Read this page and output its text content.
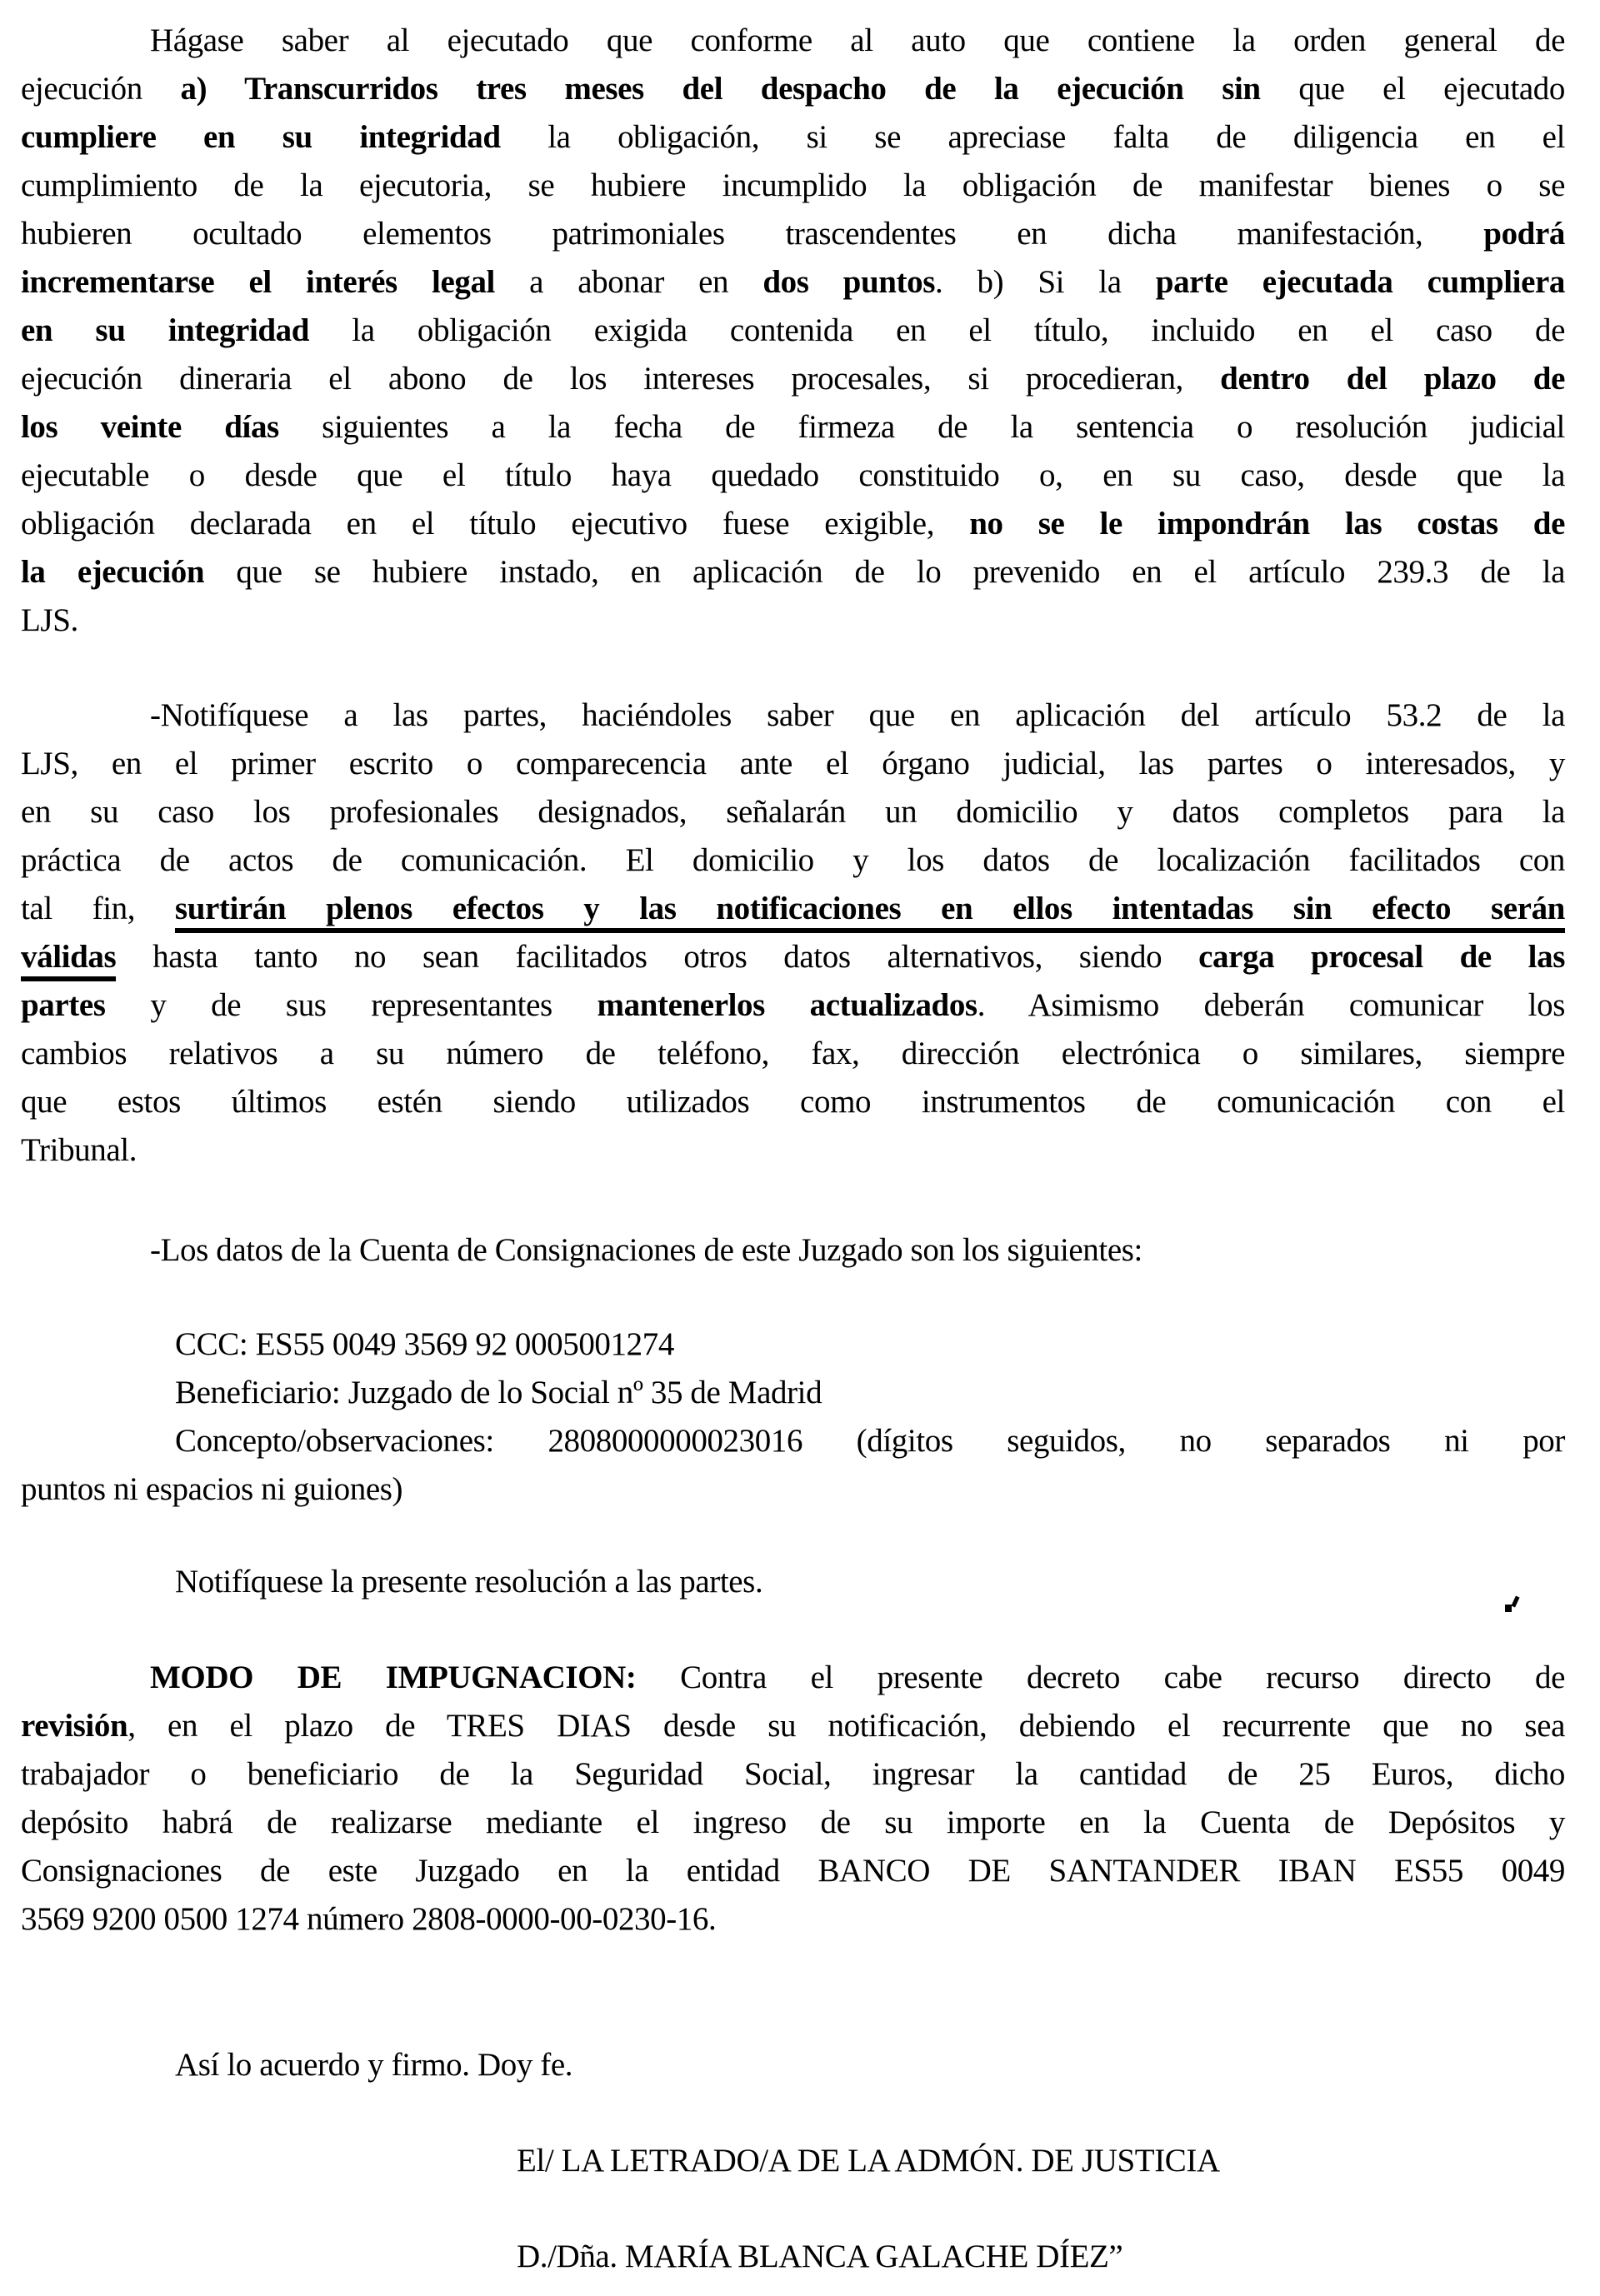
Hágase saber al ejecutado que conforme al auto que contiene la orden general de
ejecución a) Transcurridos tres meses del despacho de la ejecución sin que el ejecutado
cumpliere en su integridad la obligación, si se apreciase falta de diligencia en el
cumplimiento de la ejecutoria, se hubiere incumplido la obligación de manifestar bienes o se
hubieren ocultado elementos patrimoniales trascendentes en dicha manifestación, podrá
incrementarse el interés legal a abonar en dos puntos. b) Si la parte ejecutada cumpliera
en su integridad la obligación exigida contenida en el título, incluido en el caso de
ejecución dineraria el abono de los intereses procesales, si procedieran, dentro del plazo de
los veinte días siguientes a la fecha de firmeza de la sentencia o resolución judicial
ejecutable o desde que el título haya quedado constituido o, en su caso, desde que la
obligación declarada en el título ejecutivo fuese exigible, no se le impondrán las costas de
la ejecución que se hubiere instado, en aplicación de lo prevenido en el artículo 239.3 de la
LJS.
-Notifíquese a las partes, haciéndoles saber que en aplicación del artículo 53.2 de la
LJS, en el primer escrito o comparecencia ante el órgano judicial, las partes o interesados, y
en su caso los profesionales designados, señalarán un domicilio y datos completos para la
práctica de actos de comunicación. El domicilio y los datos de localización facilitados con
tal fin, surtirán plenos efectos y las notificaciones en ellos intentadas sin efecto serán
válidas hasta tanto no sean facilitados otros datos alternativos, siendo carga procesal de las
partes y de sus representantes mantenerlos actualizados. Asimismo deberán comunicar los
cambios relativos a su número de teléfono, fax, dirección electrónica o similares, siempre
que estos últimos estén siendo utilizados como instrumentos de comunicación con el
Tribunal.
-Los datos de la Cuenta de Consignaciones de este Juzgado son los siguientes:
CCC: ES55 0049 3569 92 0005001274
Beneficiario: Juzgado de lo Social nº 35 de Madrid
Concepto/observaciones: 2808000000023016 (dígitos seguidos, no separados ni por
puntos ni espacios ni guiones)
Notifíquese la presente resolución a las partes.
MODO DE IMPUGNACION: Contra el presente decreto cabe recurso directo de
revisión, en el plazo de TRES DIAS desde su notificación, debiendo el recurrente que no sea
trabajador o beneficiario de la Seguridad Social, ingresar la cantidad de 25 Euros, dicho
depósito habrá de realizarse mediante el ingreso de su importe en la Cuenta de Depósitos y
Consignaciones de este Juzgado en la entidad BANCO DE SANTANDER IBAN ES55 0049
3569 9200 0500 1274 número 2808-0000-00-0230-16.
Así lo acuerdo y firmo. Doy fe.
El/ LA LETRADO/A DE LA ADMÓN. DE JUSTICIA
D./Dña. MARÍA BLANCA GALACHE DÍEZ”
